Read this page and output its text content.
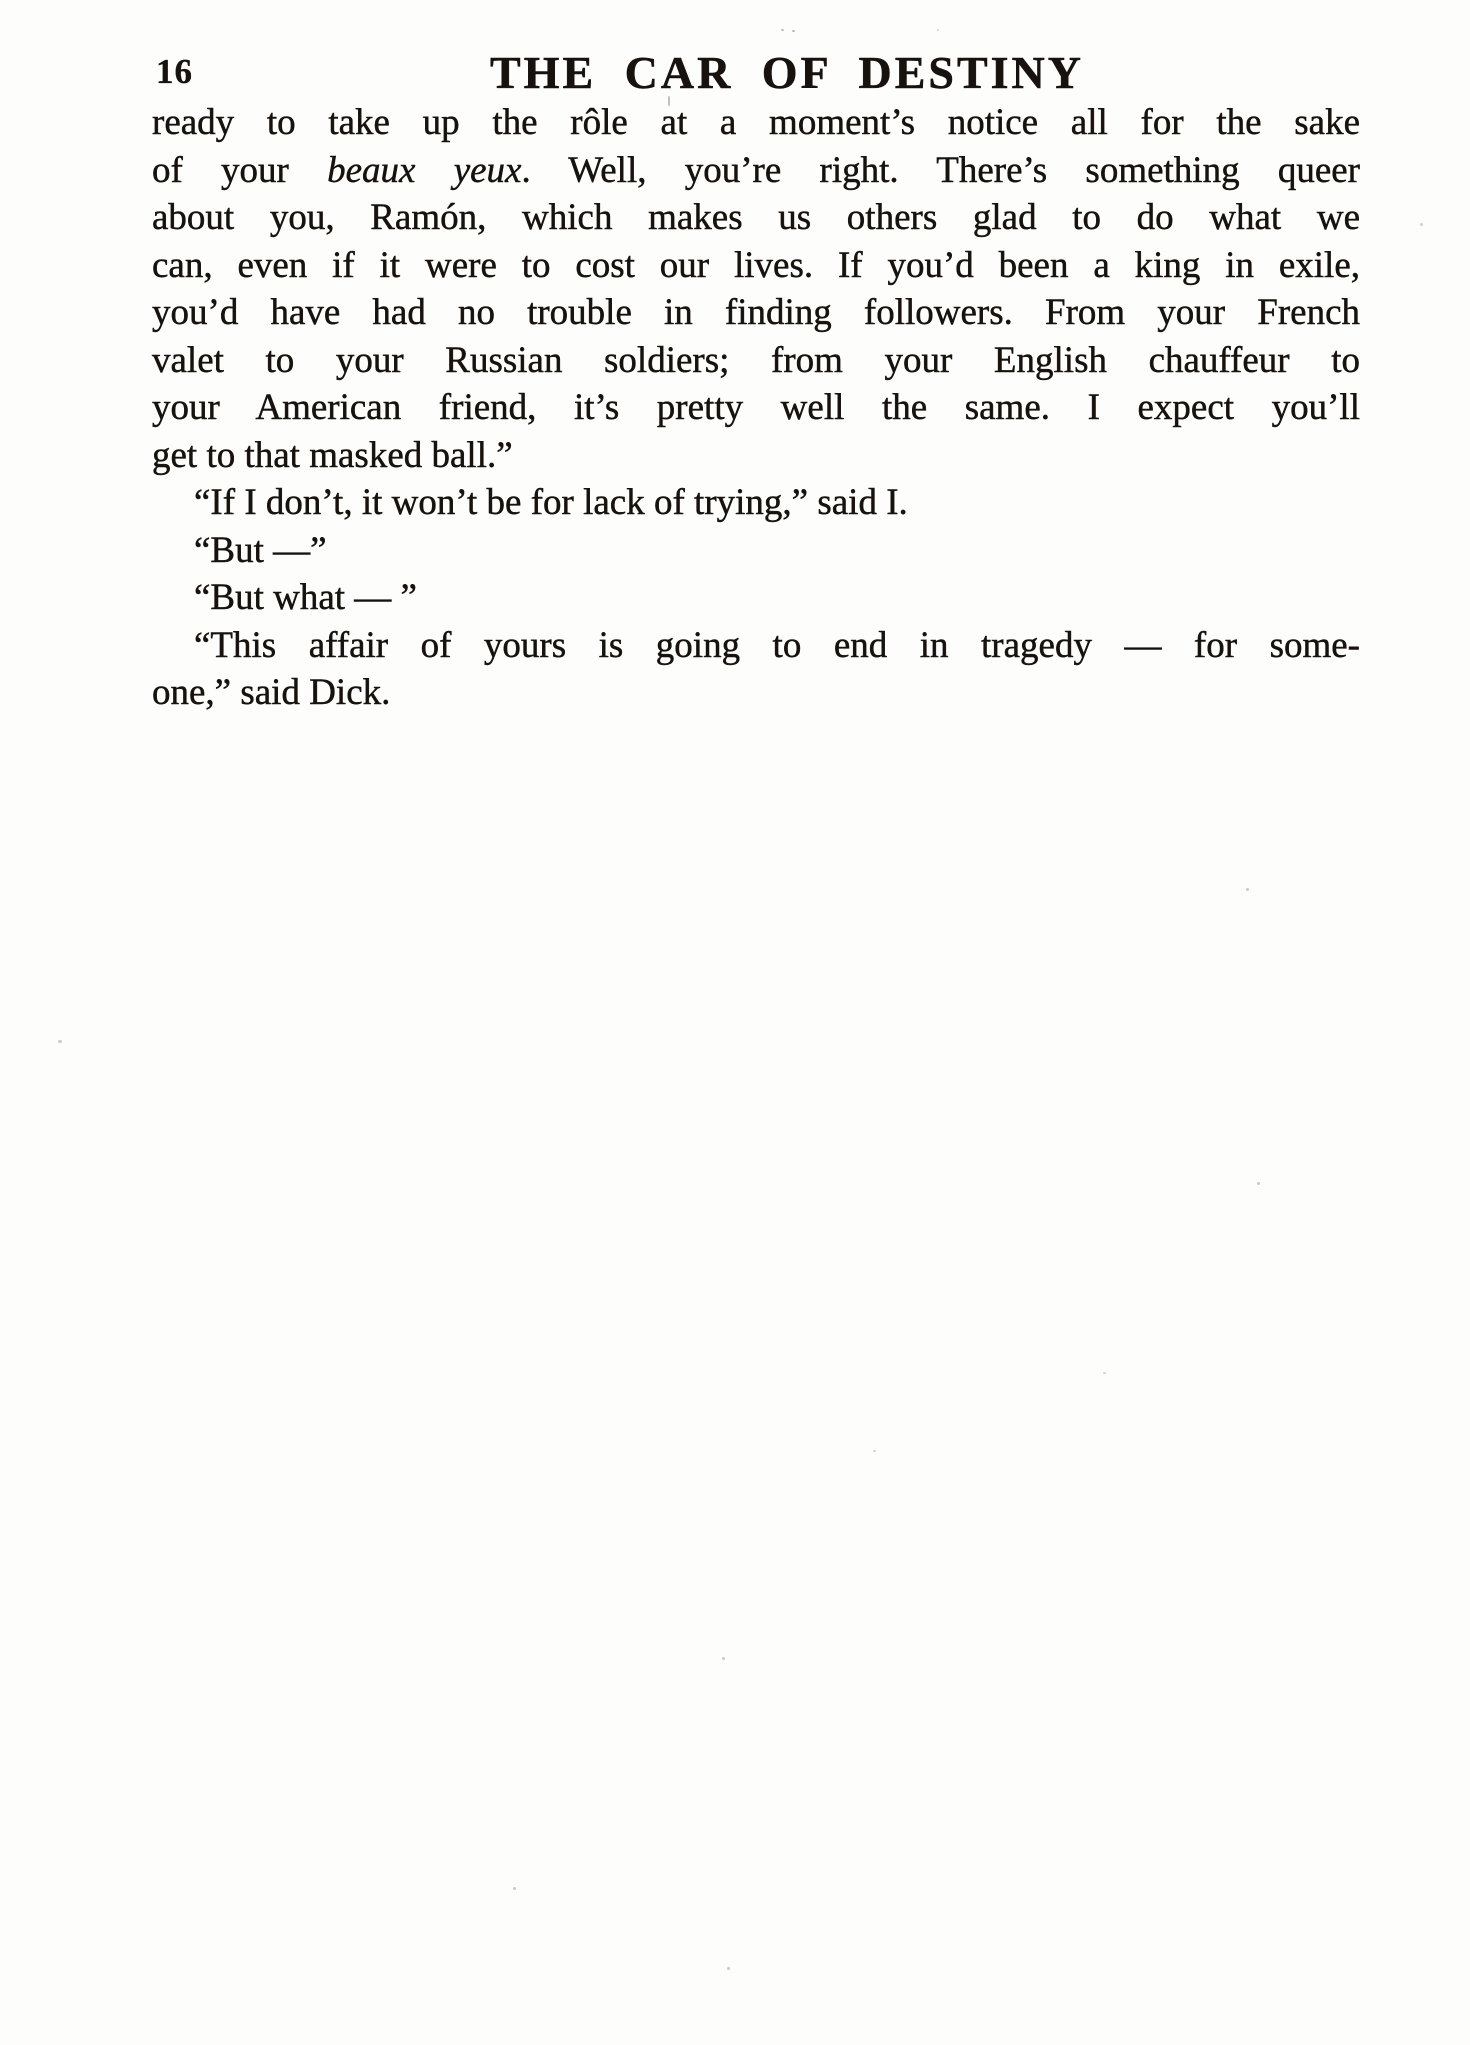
16	THE CAR OF DESTINY
ready to take up the rôle at a moment’s notice all for the sake
of your beaux yeux. Well, you’re right. There’s something queer
about you, Ramón, which makes us others glad to do what we
can, even if it were to cost our lives. If you’d been a king in exile,
you’d have had no trouble in finding followers. From your French
valet to your Russian soldiers; from your English chauffeur to
your American friend, it’s pretty well the same. I expect you’ll
get to that masked ball.”
“If I don’t, it won’t be for lack of trying,” said I.
“But —”
“But what — ”
“This affair of yours is going to end in tragedy — for some-
one,” said Dick.
